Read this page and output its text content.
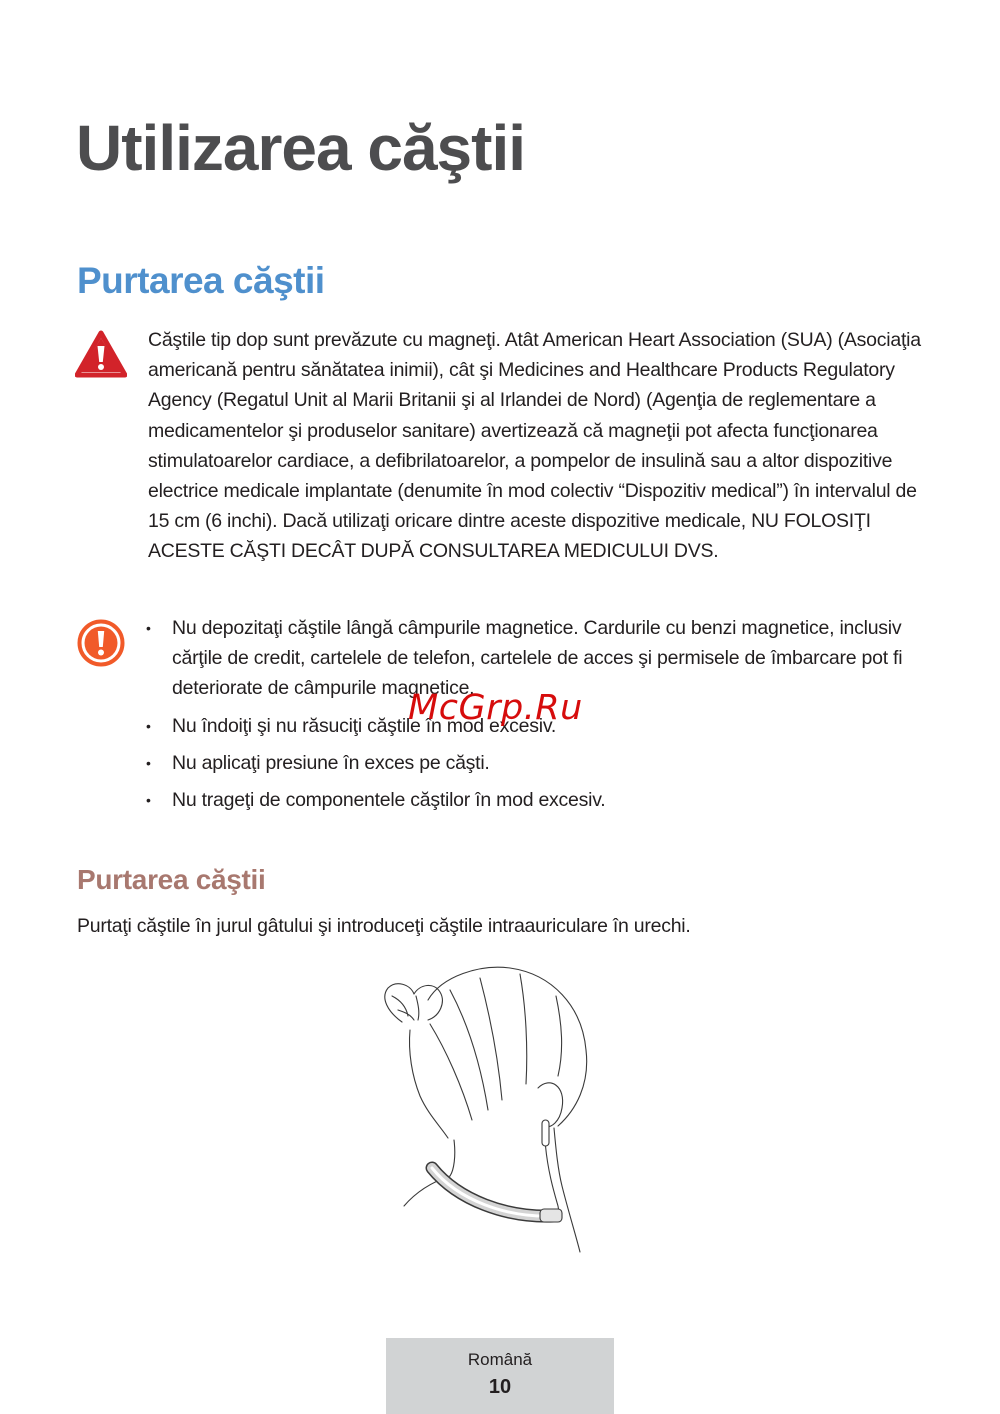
Utilizarea căştii
Purtarea căştii

Căştile tip dop sunt prevăzute cu magneţi. Atât American Heart Association (SUA) (Asociaţia americană pentru sănătatea inimii), cât şi Medicines and Healthcare Products Regulatory Agency (Regatul Unit al Marii Britanii şi al Irlandei de Nord) (Agenţia de reglementare a medicamentelor şi produselor sanitare) avertizează că magneţii pot afecta funcţionarea stimulatoarelor cardiace, a defibrilatoarelor, a pompelor de insulină sau a altor dispozitive electrice medicale implantate (denumite în mod colectiv “Dispozitiv medical”) în intervalul de 15 cm (6 inchi). Dacă utilizaţi oricare dintre aceste dispozitive medicale, NU FOLOSIŢI ACESTE CĂŞTI DECÂT DUPĂ CONSULTAREA MEDICULUI DVS.

• Nu depozitaţi căştile lângă câmpurile magnetice. Cardurile cu benzi magnetice, inclusiv cărţile de credit, cartelele de telefon, cartelele de acces şi permisele de îmbarcare pot fi deteriorate de câmpurile magnetice.
• Nu îndoiţi şi nu răsuciţi căştile în mod excesiv.
• Nu aplicaţi presiune în exces pe căşti.
• Nu trageţi de componentele căştilor în mod excesiv.
McGrp.Ru
Purtarea căştii

Purtaţi căştile în jurul gâtului şi introduceţi căştile intraauriculare în urechi.

Română
10
